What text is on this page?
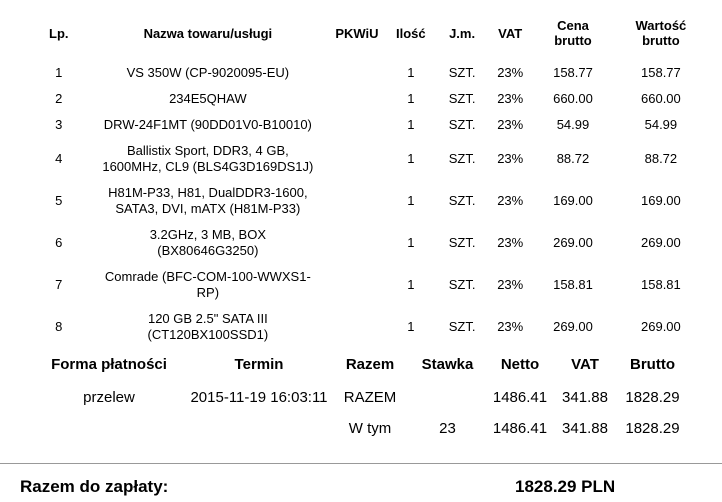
Lp.	Nazwa towaru/usługi	PKWiU	Ilość	J.m.	VAT	Cena
brutto	Wartość
brutto
1	VS 350W (CP-9020095-EU)		1	SZT.	23%	158.77	158.77
2	234E5QHAW		1	SZT.	23%	660.00	660.00
3	DRW-24F1MT (90DD01V0-B10010)		1	SZT.	23%	54.99	54.99
4	Ballistix Sport, DDR3, 4 GB,
1600MHz, CL9 (BLS4G3D169DS1J)		1	SZT.	23%	88.72	88.72
5	H81M-P33, H81, DualDDR3-1600,
SATA3, DVI, mATX (H81M-P33)		1	SZT.	23%	169.00	169.00
6	3.2GHz, 3 MB, BOX
(BX80646G3250)		1	SZT.	23%	269.00	269.00
7	Comrade (BFC-COM-100-WWXS1-
RP)		1	SZT.	23%	158.81	158.81
8	120 GB 2.5" SATA III
(CT120BX100SSD1)		1	SZT.	23%	269.00	269.00
Forma płatności	Termin	Razem	Stawka	Netto	VAT	Brutto
przelew	2015-11-19 16:03:11	RAZEM		1486.41	341.88	1828.29
		W tym	23	1486.41	341.88	1828.29
Razem do zapłaty:	1828.29 PLN
